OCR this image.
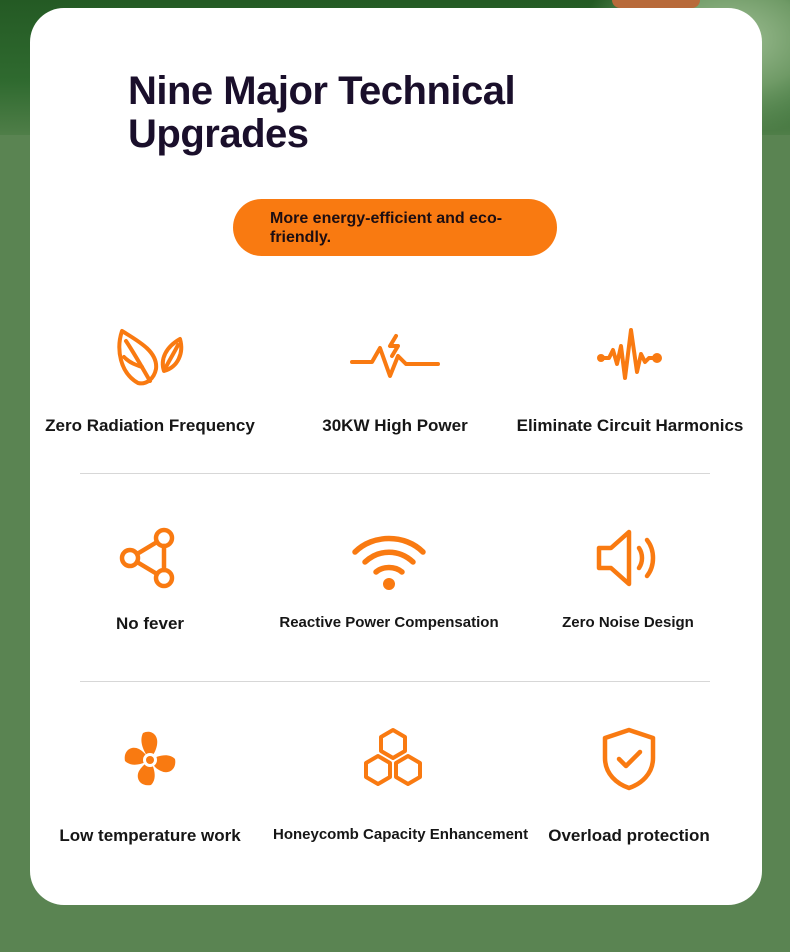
Nine Major Technical
Upgrades
More energy-efficient and eco-
friendly.
Zero Radiation Frequency	30KW High Power	Eliminate Circuit Harmonics
No fever	Reactive Power Compensation	Zero Noise Design
Low temperature work	Honeycomb Capacity Enhancement	Overload protection
